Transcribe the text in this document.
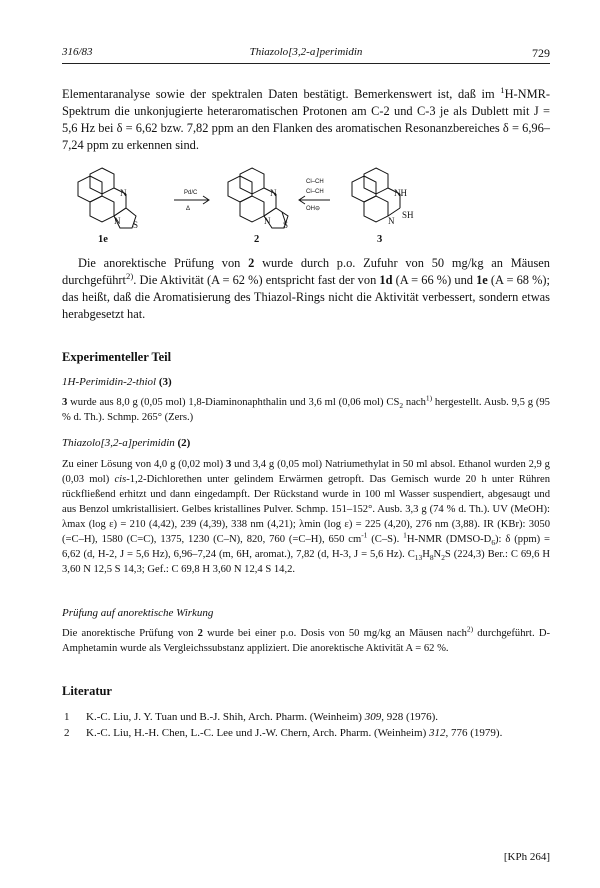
316/83	Thiazolo[3,2-a]perimidin	729
Elementaranalyse sowie der spektralen Daten bestätigt. Bemerkenswert ist, daß im $^1$H-NMR-Spektrum die unkonjugierte heteraromatischen Protonen am C-2 und C-3 je als Dublett mit J = 5,6 Hz bei δ = 6,62 bzw. 7,82 ppm an den Flanken des aromatischen Resonanzbereiches δ = 6,96–7,24 ppm zu erkennen sind.
N
N S
N
N S
NH
N
SH
Pd/C
Δ
Cl–CH
Cl–CH
OH⊖
1e	2	3
Die anorektische Prüfung von 2 wurde durch p.o. Zufuhr von 50 mg/kg an Mäusen durchgeführt$^{2)}$. Die Aktivität (A = 62 %) entspricht fast der von 1d (A = 66 %) und 1e (A = 68 %); das heißt, daß die Aromatisierung des Thiazol-Rings nicht die Aktivität verbessert, sondern etwas herabgesetzt hat.
Experimenteller Teil
1H-Perimidin-2-thiol (3)
3 wurde aus 8,0 g (0,05 mol) 1,8-Diaminonaphthalin und 3,6 ml (0,06 mol) $CS_2$ nach$^{1)}$ hergestellt. Ausb. 9,5 g (95 % d. Th.). Schmp. 265° (Zers.)
Thiazolo[3,2-a]perimidin (2)
Zu einer Lösung von 4,0 g (0,02 mol) 3 und 3,4 g (0,05 mol) Natriumethylat in 50 ml absol. Ethanol wurden 2,9 g (0,03 mol) cis-1,2-Dichlorethen unter gelindem Erwärmen getropft. Das Gemisch wurde 20 h unter Rühren rückfließend erhitzt und dann eingedampft. Der Rückstand wurde in 100 ml Wasser suspendiert, abgesaugt und aus Benzol umkristallisiert. Gelbes kristallines Pulver. Schmp. 151–152°. Ausb. 3,3 g (74 % d. Th.). UV (MeOH): λmax (log ε) = 210 (4,42), 239 (4,39), 338 nm (4,21); λmin (log ε) = 225 (4,20), 276 nm (3,88). IR (KBr): 3050 (=C–H), 1580 (C=C), 1375, 1230 (C–N), 820, 760 (=C–H), 650 $cm^{-1}$ (C–S). $^1$H-NMR $(DMSO-D_6)$: δ (ppm) = 6,62 (d, H-2, J = 5,6 Hz), 6,96–7,24 (m, 6H, aromat.), 7,82 (d, H-3, J = 5,6 Hz). $C_{13}H_8N_2S$ (224,3) Ber.: C 69,6 H 3,60 N 12,5 S 14,3; Gef.: C 69,8 H 3,60 N 12,4 S 14,2.
Prüfung auf anorektische Wirkung
Die anorektische Prüfung von 2 wurde bei einer p.o. Dosis von 50 mg/kg an Mäusen nach$^{2)}$ durchgeführt. D-Amphetamin wurde als Vergleichssubstanz appliziert. Die anorektische Aktivität A = 62 %.
Literatur
1 K.-C. Liu, J. Y. Tuan und B.-J. Shih, Arch. Pharm. (Weinheim) 309, 928 (1976).
2 K.-C. Liu, H.-H. Chen, L.-C. Lee und J.-W. Chern, Arch. Pharm. (Weinheim) 312, 776 (1979).
[KPh 264]
